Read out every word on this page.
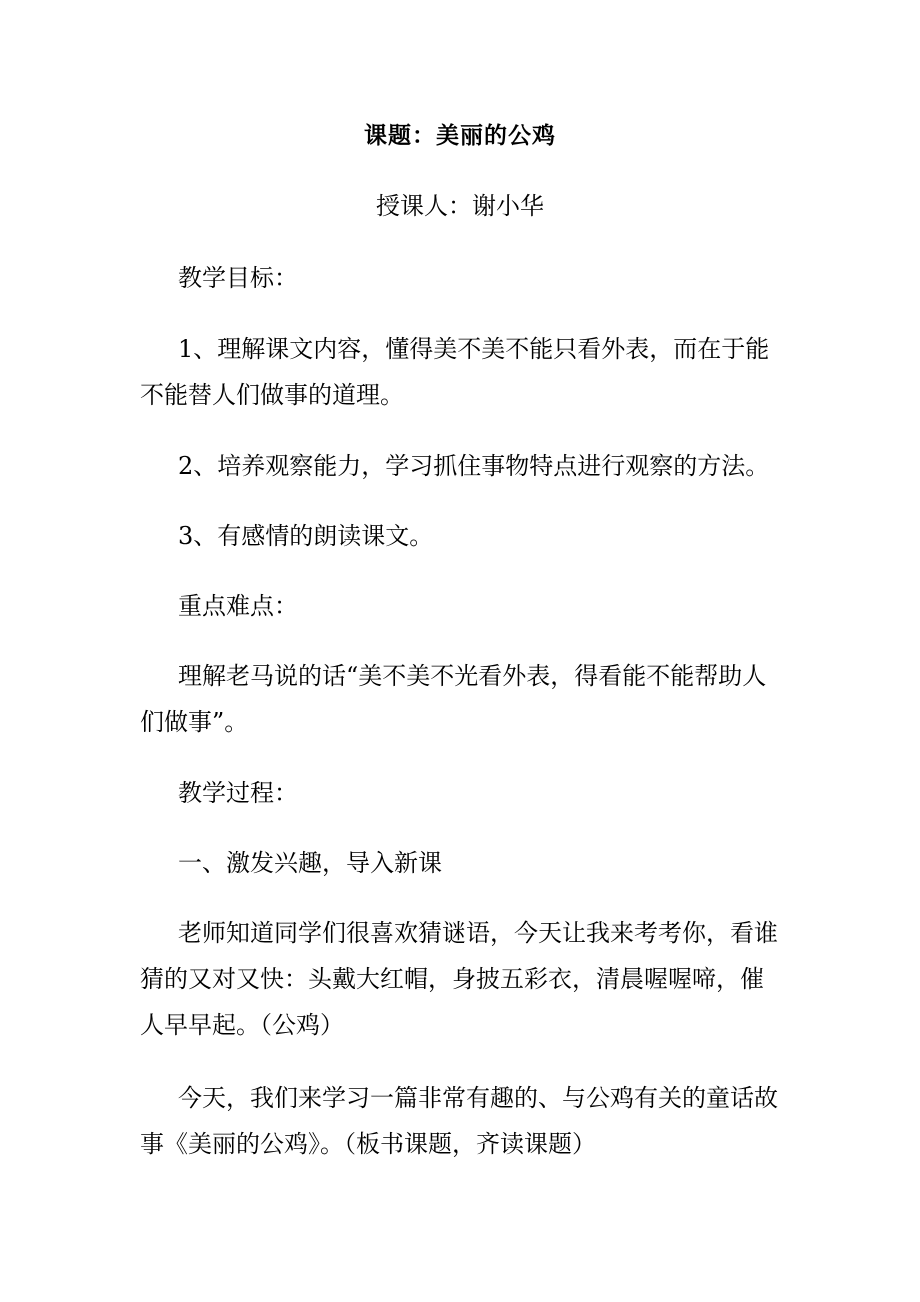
课题：美丽的公鸡
授课人：谢小华
教学目标：
1、理解课文内容，懂得美不美不能只看外表，而在于能不能替人们做事的道理。
2、培养观察能力，学习抓住事物特点进行观察的方法。
3、有感情的朗读课文。
重点难点：
理解老马说的话“美不美不光看外表，得看能不能帮助人们做事”。
教学过程：
一、激发兴趣，导入新课
老师知道同学们很喜欢猜谜语，今天让我来考考你，看谁猜的又对又快：头戴大红帽，身披五彩衣，清晨喔喔啼，催人早早起。（公鸡）
今天，我们来学习一篇非常有趣的、与公鸡有关的童话故事《美丽的公鸡》。（板书课题，齐读课题）
